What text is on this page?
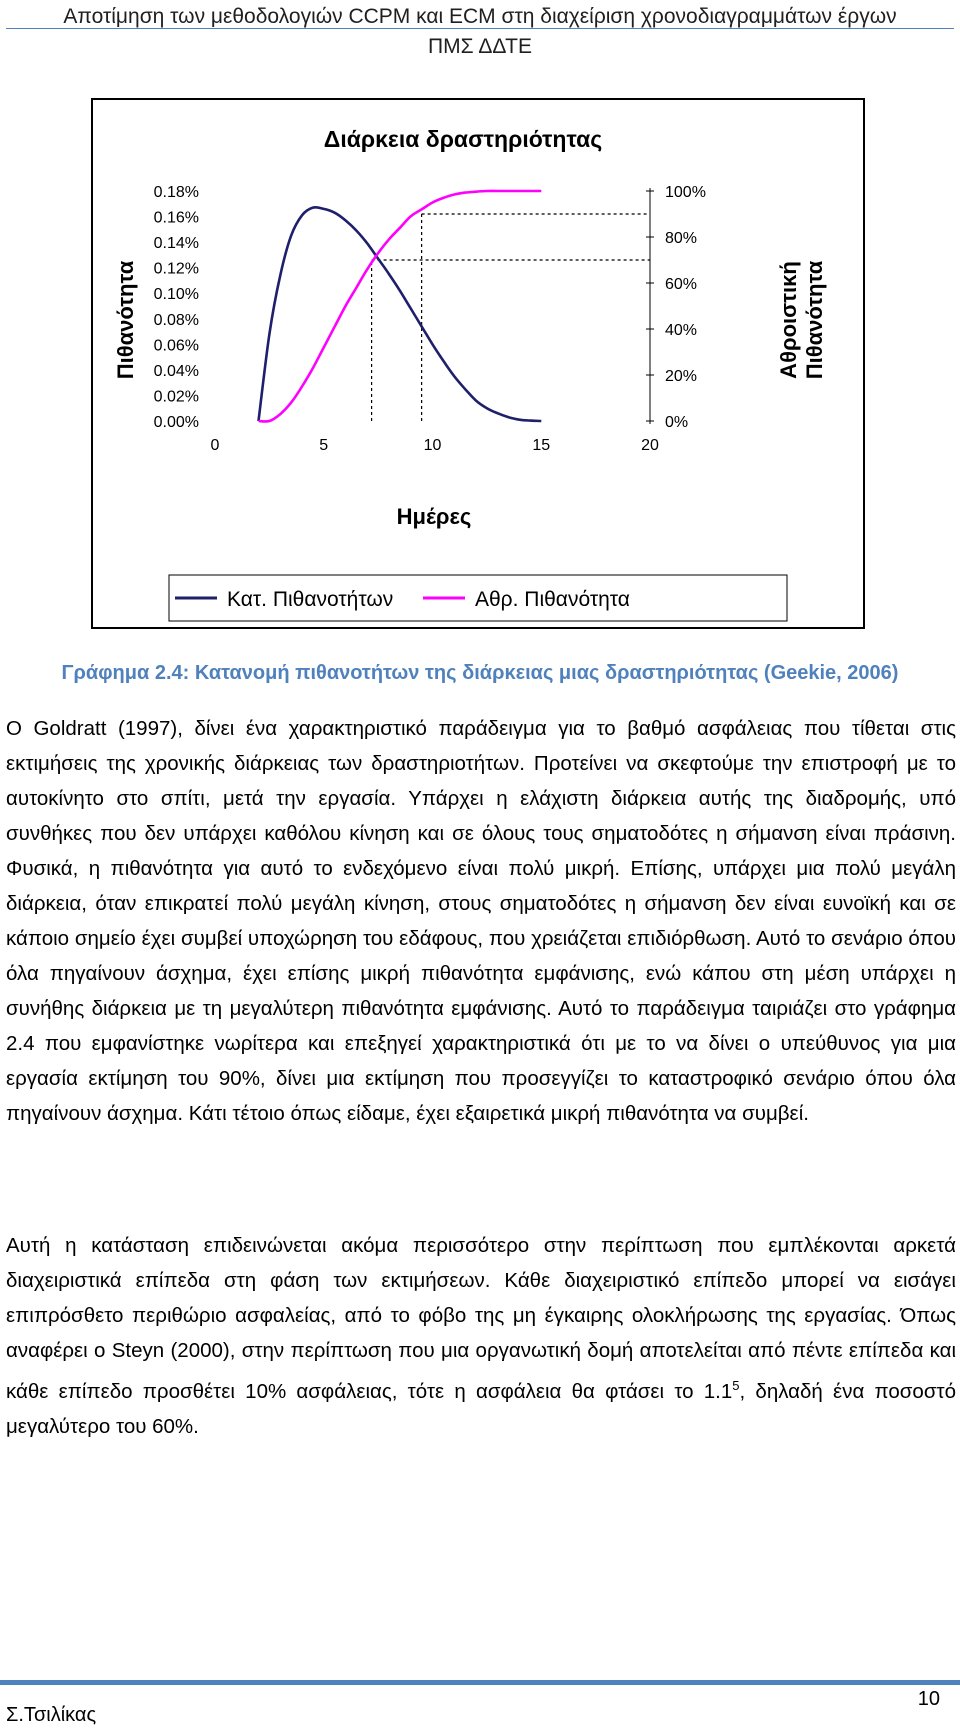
Αποτίμηση των μεθοδολογιών CCPM και ECM στη διαχείριση χρονοδιαγραμμάτων έργων
ΠΜΣ ΔΔΤΕ
Διάρκεια δραστηριότητας
Πιθανότητα	Αθροιστική Πιθανότητα
Ημέρες
0.00%
0.02%
0.04%
0.06%
0.08%
0.10%
0.12%
0.14%
0.16%
0.18%
0%
20%
40%
60%
80%
100%
0	5	10	15	20
Κατ. Πιθανοτήτων	Αθρ. Πιθανότητα
Γράφημα 2.4: Κατανομή πιθανοτήτων της διάρκειας μιας δραστηριότητας (Geekie, 2006)
Ο Goldratt (1997), δίνει ένα χαρακτηριστικό παράδειγμα για το βαθμό ασφάλειας που τίθεται στις εκτιμήσεις της χρονικής διάρκειας των δραστηριοτήτων. Προτείνει να σκεφτούμε την επιστροφή με το αυτοκίνητο στο σπίτι, μετά την εργασία. Υπάρχει η ελάχιστη διάρκεια αυτής της διαδρομής, υπό συνθήκες που δεν υπάρχει καθόλου κίνηση και σε όλους τους σηματοδότες η σήμανση είναι πράσινη. Φυσικά, η πιθανότητα για αυτό το ενδεχόμενο είναι πολύ μικρή. Επίσης, υπάρχει μια πολύ μεγάλη διάρκεια, όταν επικρατεί πολύ μεγάλη κίνηση, στους σηματοδότες η σήμανση δεν είναι ευνοϊκή και σε κάποιο σημείο έχει συμβεί υποχώρηση του εδάφους, που χρειάζεται επιδιόρθωση. Αυτό το σενάριο όπου όλα πηγαίνουν άσχημα, έχει επίσης μικρή πιθανότητα εμφάνισης, ενώ κάπου στη μέση υπάρχει η συνήθης διάρκεια με τη μεγαλύτερη πιθανότητα εμφάνισης. Αυτό το παράδειγμα ταιριάζει στο γράφημα 2.4 που εμφανίστηκε νωρίτερα και επεξηγεί χαρακτηριστικά ότι με το να δίνει ο υπεύθυνος για μια εργασία εκτίμηση του 90%, δίνει μια εκτίμηση που προσεγγίζει το καταστροφικό σενάριο όπου όλα πηγαίνουν άσχημα. Κάτι τέτοιο όπως είδαμε, έχει εξαιρετικά μικρή πιθανότητα να συμβεί.
Αυτή η κατάσταση επιδεινώνεται ακόμα περισσότερο στην περίπτωση που εμπλέκονται αρκετά διαχειριστικά επίπεδα στη φάση των εκτιμήσεων. Κάθε διαχειριστικό επίπεδο μπορεί να εισάγει επιπρόσθετο περιθώριο ασφαλείας, από το φόβο της μη έγκαιρης ολοκλήρωσης της εργασίας. Όπως αναφέρει ο Steyn (2000), στην περίπτωση που μια οργανωτική δομή αποτελείται από πέντε επίπεδα και κάθε επίπεδο προσθέτει 10% ασφάλειας, τότε η ασφάλεια θα φτάσει το $1.1^5$, δηλαδή ένα ποσοστό μεγαλύτερο του 60%.
10
Σ.Τσιλίκας
